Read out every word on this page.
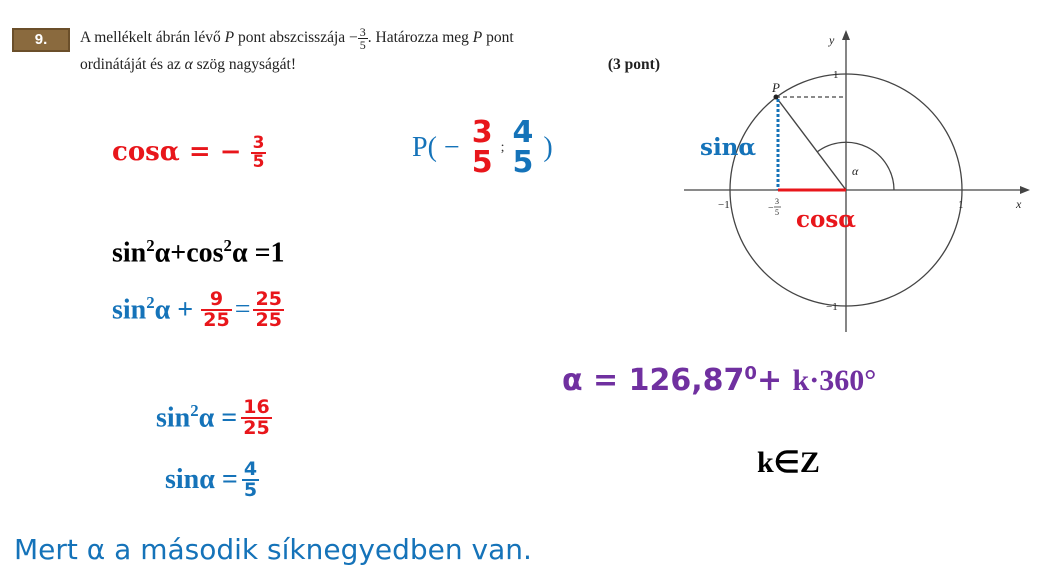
9.	A mellékelt ábrán lévő P pont abszcisszája − $\frac{3}{5}$ . Határozza meg P pont
ordinátáját és az α szög nagyságát!	(3 pont)
cosα = − $\frac{3}{5}$	P( − 3
5 ; 4
5 )
$\sin^2\alpha+\cos^2\alpha =1$
$\sin^2\alpha + \frac{9}{25} = \frac{25}{25}$
$\sin^2\alpha = \frac{16}{25}$
$\sin\alpha = \frac{4}{5}$
Mert α a második síknegyedben van.
$\alpha = 126,87^0+ k\cdot 360^\circ$
k∈Z
P
α
y
x
1
−1
1
−1
3
5
−
sinα
cosα
